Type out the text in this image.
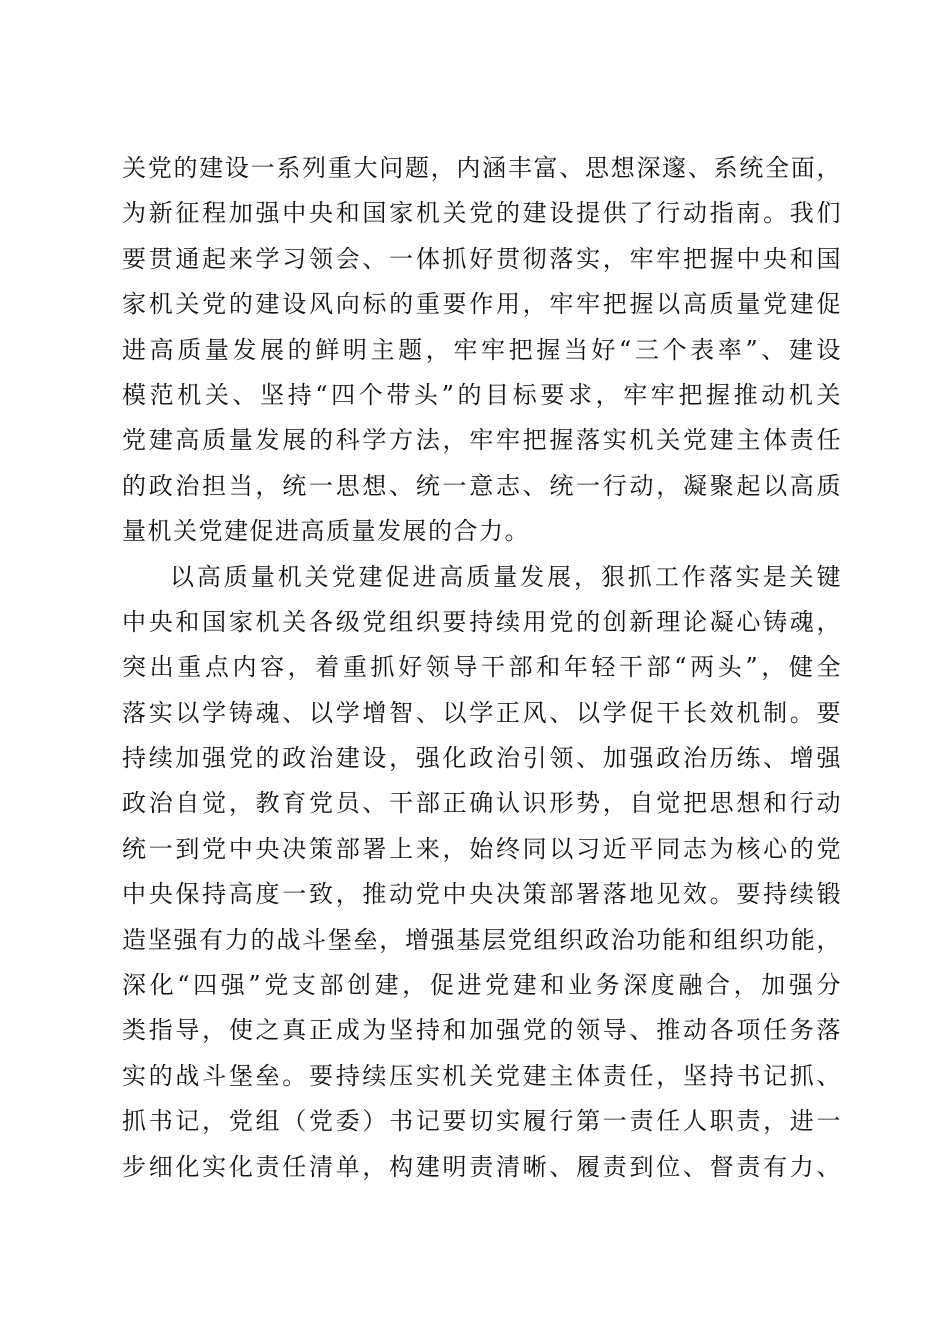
关党的建设一系列重大问题，内涵丰富、思想深邃、系统全面，
为新征程加强中央和国家机关党的建设提供了行动指南。我们
要贯通起来学习领会、一体抓好贯彻落实，牢牢把握中央和国
家机关党的建设风向标的重要作用，牢牢把握以高质量党建促
进高质量发展的鲜明主题，牢牢把握当好“三个表率”、建设
模范机关、坚持“四个带头”的目标要求，牢牢把握推动机关
党建高质量发展的科学方法，牢牢把握落实机关党建主体责任
的政治担当，统一思想、统一意志、统一行动，凝聚起以高质
量机关党建促进高质量发展的合力。
以高质量机关党建促进高质量发展，狠抓工作落实是关键
中央和国家机关各级党组织要持续用党的创新理论凝心铸魂，
突出重点内容，着重抓好领导干部和年轻干部“两头”，健全
落实以学铸魂、以学增智、以学正风、以学促干长效机制。要
持续加强党的政治建设，强化政治引领、加强政治历练、增强
政治自觉，教育党员、干部正确认识形势，自觉把思想和行动
统一到党中央决策部署上来，始终同以习近平同志为核心的党
中央保持高度一致，推动党中央决策部署落地见效。要持续锻
造坚强有力的战斗堡垒，增强基层党组织政治功能和组织功能，
深化“四强”党支部创建，促进党建和业务深度融合，加强分
类指导，使之真正成为坚持和加强党的领导、推动各项任务落
实的战斗堡垒。要持续压实机关党建主体责任，坚持书记抓、
抓书记，党组（党委）书记要切实履行第一责任人职责，进一
步细化实化责任清单，构建明责清晰、履责到位、督责有力、
